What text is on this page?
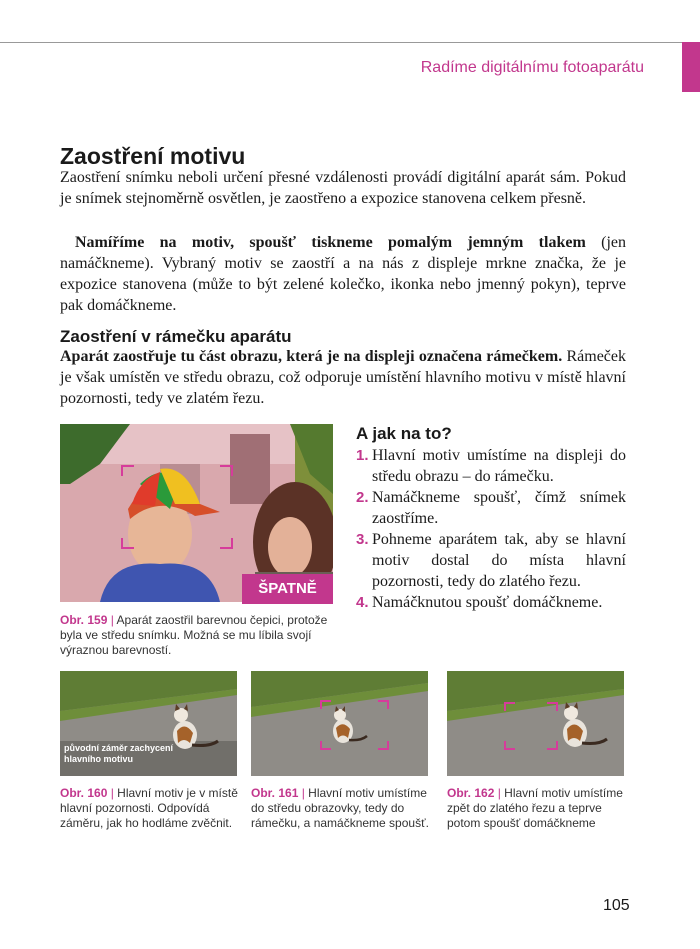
Radíme digitálnímu fotoaparátu
Zaostření motivu

Zaostření snímku neboli určení přesné vzdálenosti provádí digitální aparát sám. Pokud je snímek stejnoměrně osvětlen, je zaostřeno a expozice stanovena celkem přesně.

Namíříme na motiv, spoušť tiskneme pomalým jemným tlakem (jen namáčkneme). Vybraný motiv se zaostří a na nás z displeje mrkne značka, že je expozice stanovena (může to být zelené kolečko, ikonka nebo jmenný pokyn), teprve pak domáčkneme.

Zaostření v rámečku aparátu

Aparát zaostřuje tu část obrazu, která je na displeji označena rámečkem. Rámeček je však umístěn ve středu obrazu, což odporuje umístění hlavního motivu v místě hlavní pozornosti, tedy ve zlatém řezu.

ŠPATNĚ
Obr. 159 | Aparát zaostřil barevnou čepici, protože byla ve středu snímku. Možná se mu líbila svojí výraznou barevností.
A jak na to?
1. Hlavní motiv umístíme na displeji do středu obrazu – do rámečku.
2. Namáčkneme spoušť, čímž snímek zaostříme.
3. Pohneme aparátem tak, aby se hlavní motiv dostal do místa hlavní pozornosti, tedy do zlatého řezu.
4. Namáčknutou spoušť domáčkneme.
původní záměr zachycení
hlavního motivu
Obr. 160 | Hlavní motiv je v místě hlavní pozornosti. Odpovídá záměru, jak ho hodláme zvěčnit.
Obr. 161 | Hlavní motiv umístíme do středu obrazovky, tedy do rámečku, a namáčkneme spoušť.
Obr. 162 | Hlavní motiv umístíme zpět do zlatého řezu a teprve potom spoušť domáčkneme
105
